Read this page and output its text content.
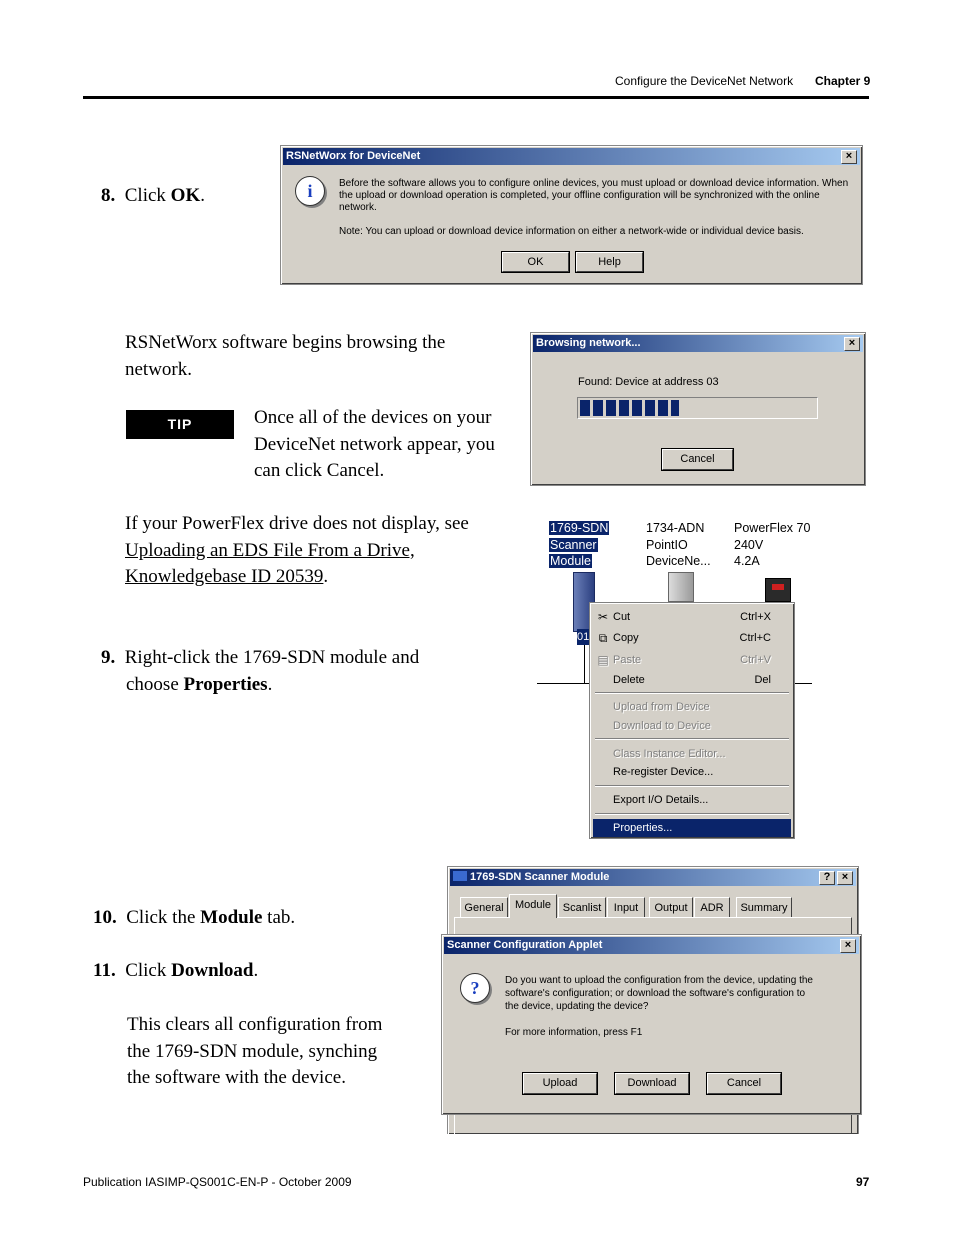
Configure the DeviceNet Network Chapter 9
8. Click OK.
RSNetWorx for DeviceNet	×
i	Before the software allows you to configure online devices, you must upload or download device information. When
the upload or download operation is completed, your offline configuration will be synchronized with the online
network.
Note: You can upload or download device information on either a network-wide or individual device basis.
OK	Help
RSNetWorx software begins browsing the
network.
TIP	Once all of the devices on your
DeviceNet network appear, you
can click Cancel.
Browsing network...	×
Found: Device at address 03
Cancel
If your PowerFlex drive does not display, see
Uploading an EDS File From a Drive,
Knowledgebase ID 20539.
9. Right-click the 1769-SDN module and
choose Properties.
1769-SDN
Scanner
Module
1734-ADN
PointIO
DeviceNe...
PowerFlex 70
240V
4.2A
01
✂ Cut	Ctrl+X
⧉ Copy	Ctrl+C
▤ Paste	Ctrl+V
Delete	Del
Upload from Device
Download to Device
Class Instance Editor...
Re-register Device...
Export I/O Details...
Properties...
10. Click the Module tab.
11. Click Download.
This clears all configuration from
the 1769-SDN module, synching
the software with the device.
1769-SDN Scanner Module	?	×
General	Module	Scanlist	Input	Output	ADR	Summary
Scanner Configuration Applet	×
?	Do you want to upload the configuration from the device, updating the
software's configuration; or download the software's configuration to
the device, updating the device?
For more information, press F1
Upload	Download	Cancel
Publication IASIMP-QS001C-EN-P - October 2009	97
